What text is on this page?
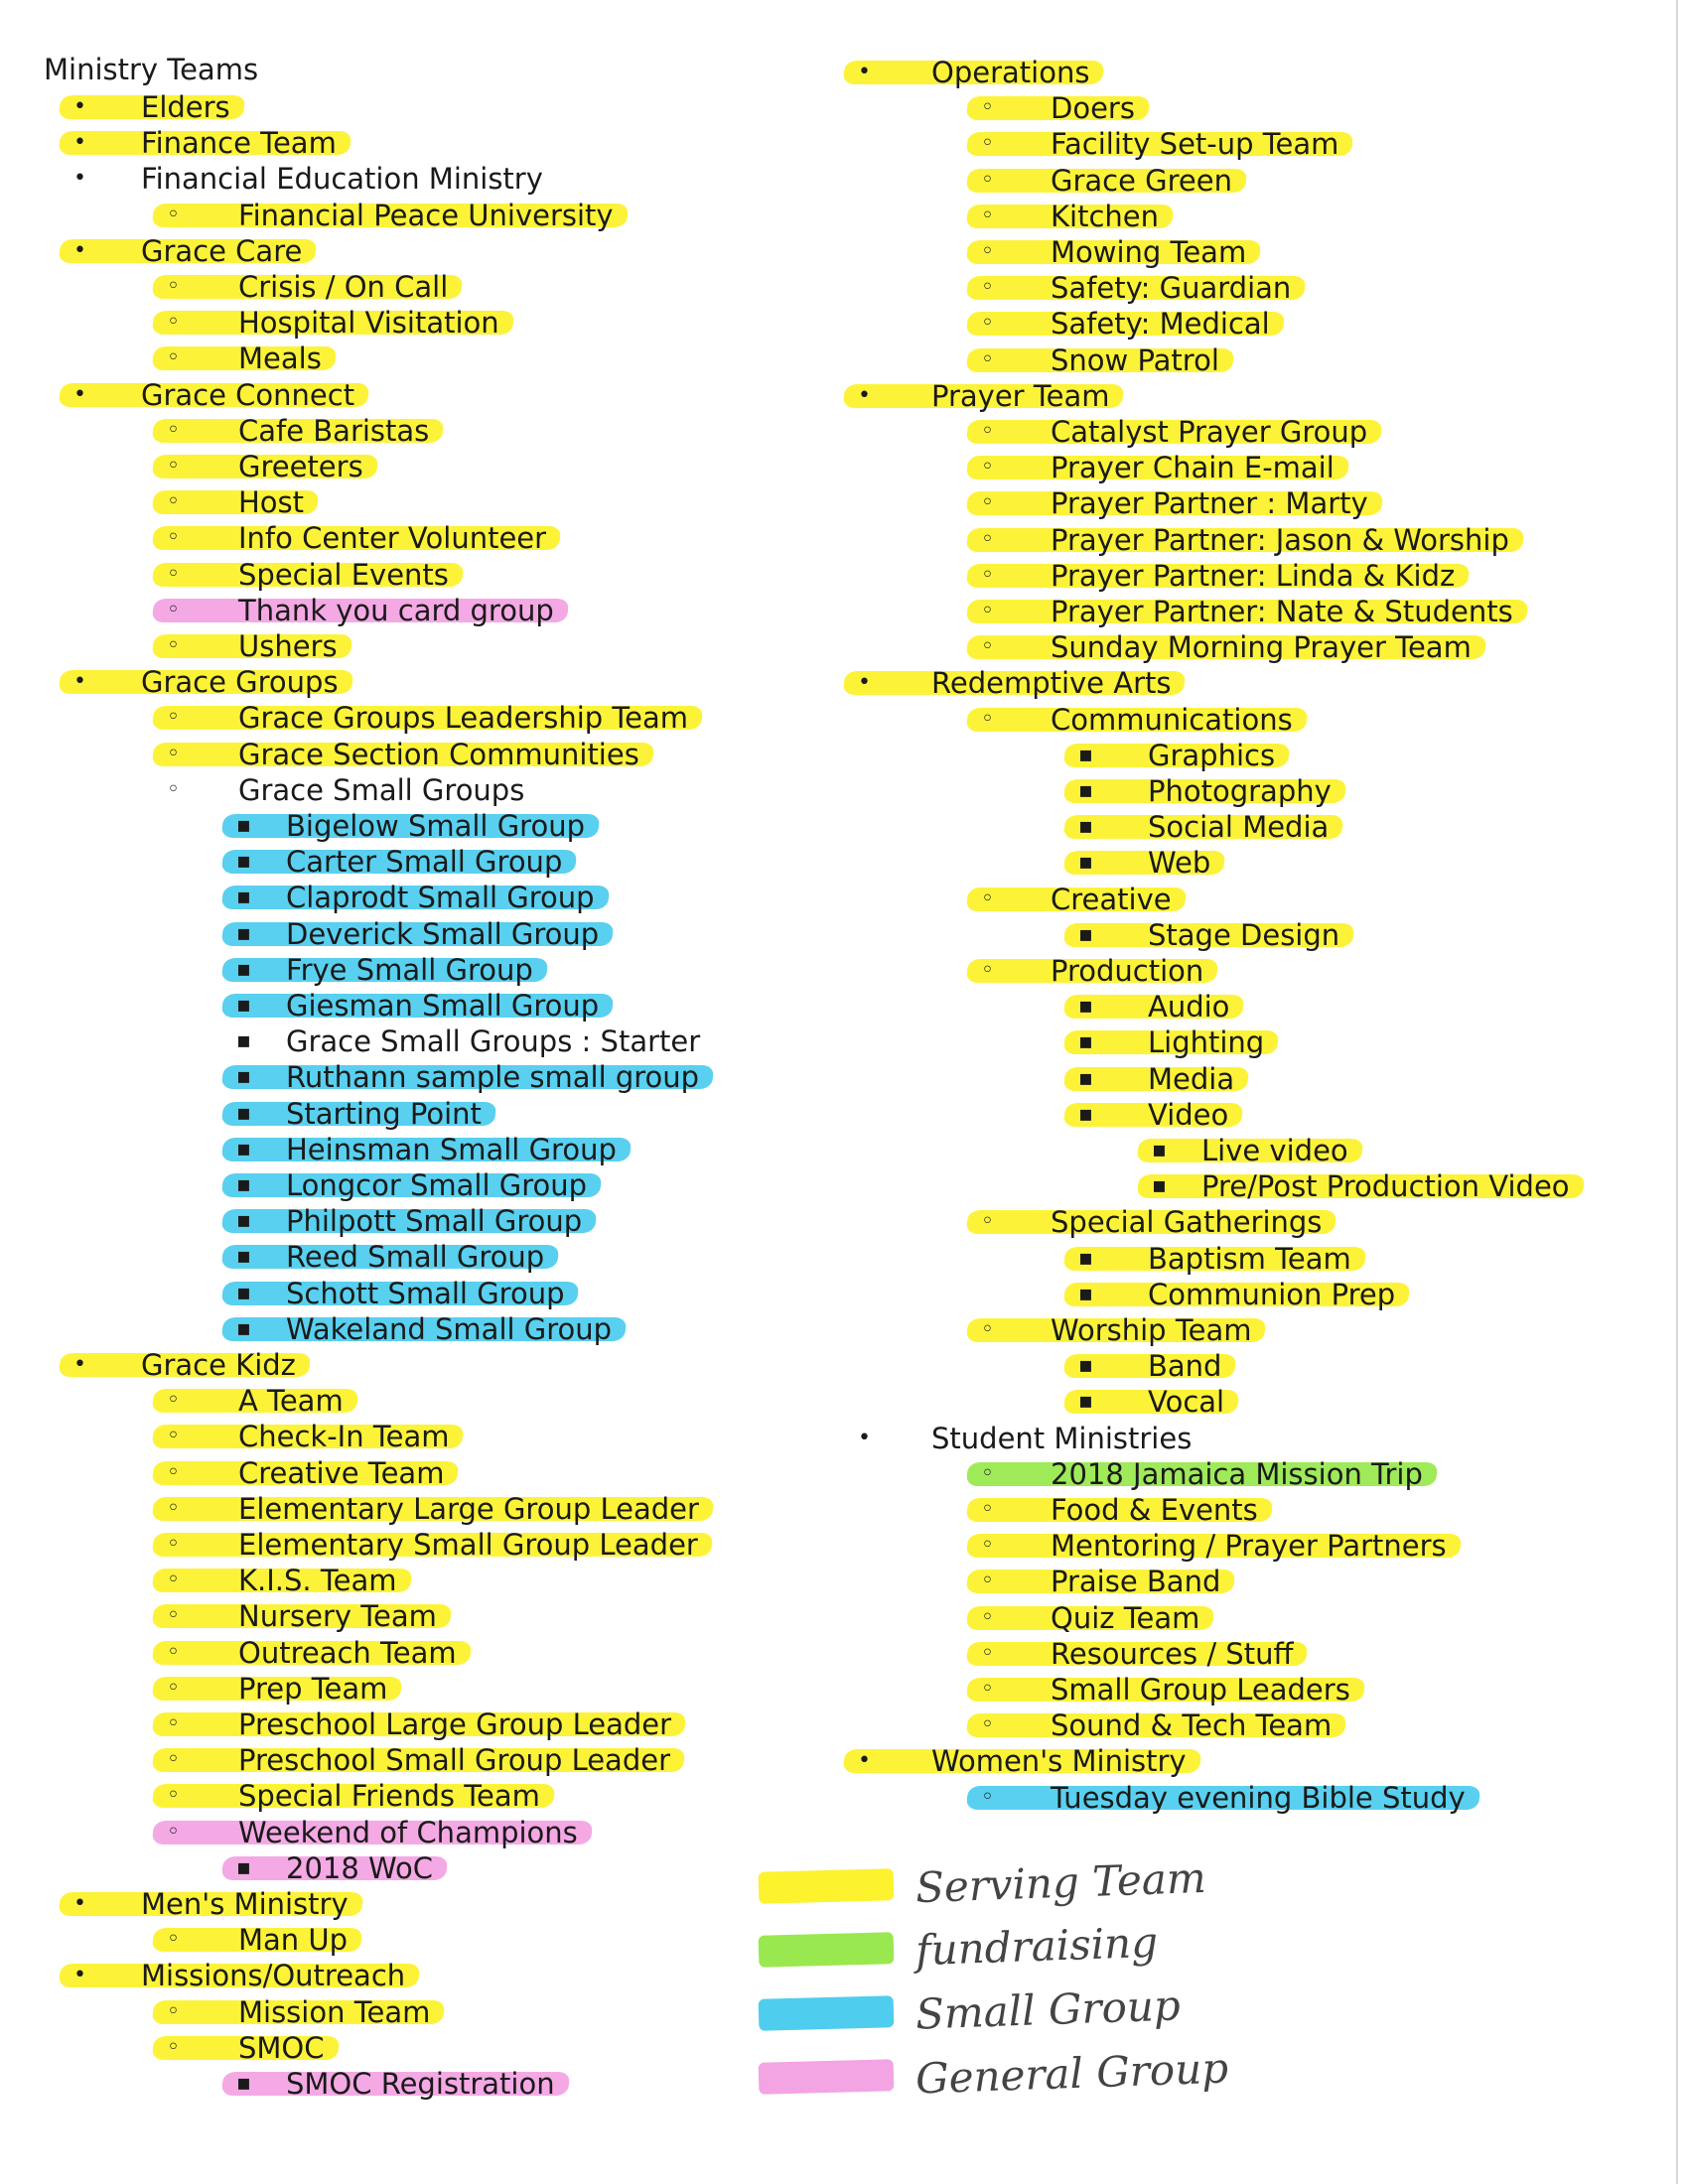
Ministry Teams
• Elders
• Finance Team
• Financial Education Ministry
◦ Financial Peace University
• Grace Care
◦ Crisis / On Call
◦ Hospital Visitation
◦ Meals
• Grace Connect
◦ Cafe Baristas
◦ Greeters
◦ Host
◦ Info Center Volunteer
◦ Special Events
◦ Thank you card group
◦ Ushers
• Grace Groups
◦ Grace Groups Leadership Team
◦ Grace Section Communities
◦ Grace Small Groups
▪ Bigelow Small Group
▪ Carter Small Group
▪ Claprodt Small Group
▪ Deverick Small Group
▪ Frye Small Group
▪ Giesman Small Group
▪ Grace Small Groups : Starter
▪ Ruthann sample small group
▪ Starting Point
▪ Heinsman Small Group
▪ Longcor Small Group
▪ Philpott Small Group
▪ Reed Small Group
▪ Schott Small Group
▪ Wakeland Small Group
• Grace Kidz
◦ A Team
◦ Check-In Team
◦ Creative Team
◦ Elementary Large Group Leader
◦ Elementary Small Group Leader
◦ K.I.S. Team
◦ Nursery Team
◦ Outreach Team
◦ Prep Team
◦ Preschool Large Group Leader
◦ Preschool Small Group Leader
◦ Special Friends Team
◦ Weekend of Champions
▪ 2018 WoC
• Men's Ministry
◦ Man Up
• Missions/Outreach
◦ Mission Team
◦ SMOC
▪ SMOC Registration
• Operations
◦ Doers
◦ Facility Set-up Team
◦ Grace Green
◦ Kitchen
◦ Mowing Team
◦ Safety: Guardian
◦ Safety: Medical
◦ Snow Patrol
• Prayer Team
◦ Catalyst Prayer Group
◦ Prayer Chain E-mail
◦ Prayer Partner : Marty
◦ Prayer Partner: Jason & Worship
◦ Prayer Partner: Linda & Kidz
◦ Prayer Partner: Nate & Students
◦ Sunday Morning Prayer Team
• Redemptive Arts
◦ Communications
▪ Graphics
▪ Photography
▪ Social Media
▪ Web
◦ Creative
▪ Stage Design
◦ Production
▪ Audio
▪ Lighting
▪ Media
▪ Video
▪ Live video
▪ Pre/Post Production Video
◦ Special Gatherings
▪ Baptism Team
▪ Communion Prep
◦ Worship Team
▪ Band
▪ Vocal
• Student Ministries
◦ 2018 Jamaica Mission Trip
◦ Food & Events
◦ Mentoring / Prayer Partners
◦ Praise Band
◦ Quiz Team
◦ Resources / Stuff
◦ Small Group Leaders
◦ Sound & Tech Team
• Women's Ministry
◦ Tuesday evening Bible Study
Serving Team
fundraising
Small Group
General Group
